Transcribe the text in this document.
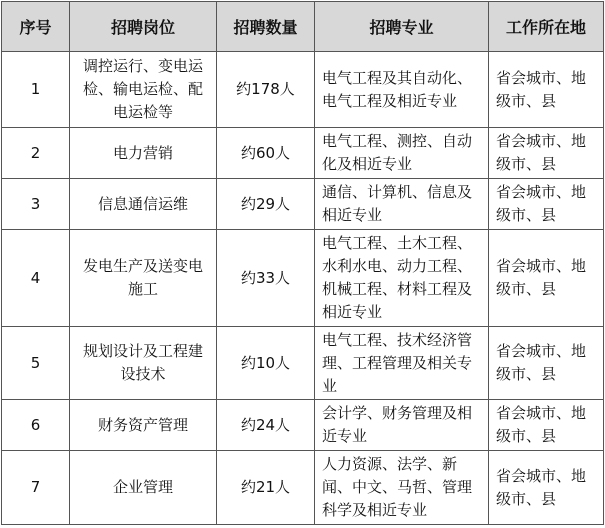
序号	招聘岗位	招聘数量	招聘专业	工作所在地
1	调控运行、变电运检、输电运检、配电运检等	约178人	电气工程及其自动化、电气工程及相近专业	省会城市、地级市、县
2	电力营销	约60人	电气工程、测控、自动化及相近专业	省会城市、地级市、县
3	信息通信运维	约29人	通信、计算机、信息及相近专业	省会城市、地级市、县
4	发电生产及送变电施工	约33人	电气工程、土木工程、水利水电、动力工程、机械工程、材料工程及相近专业	省会城市、地级市、县
5	规划设计及工程建设技术	约10人	电气工程、技术经济管理、工程管理及相关专业	省会城市、地级市、县
6	财务资产管理	约24人	会计学、财务管理及相近专业	省会城市、地级市、县
7	企业管理	约21人	人力资源、法学、新闻、中文、马哲、管理科学及相近专业	省会城市、地级市、县
